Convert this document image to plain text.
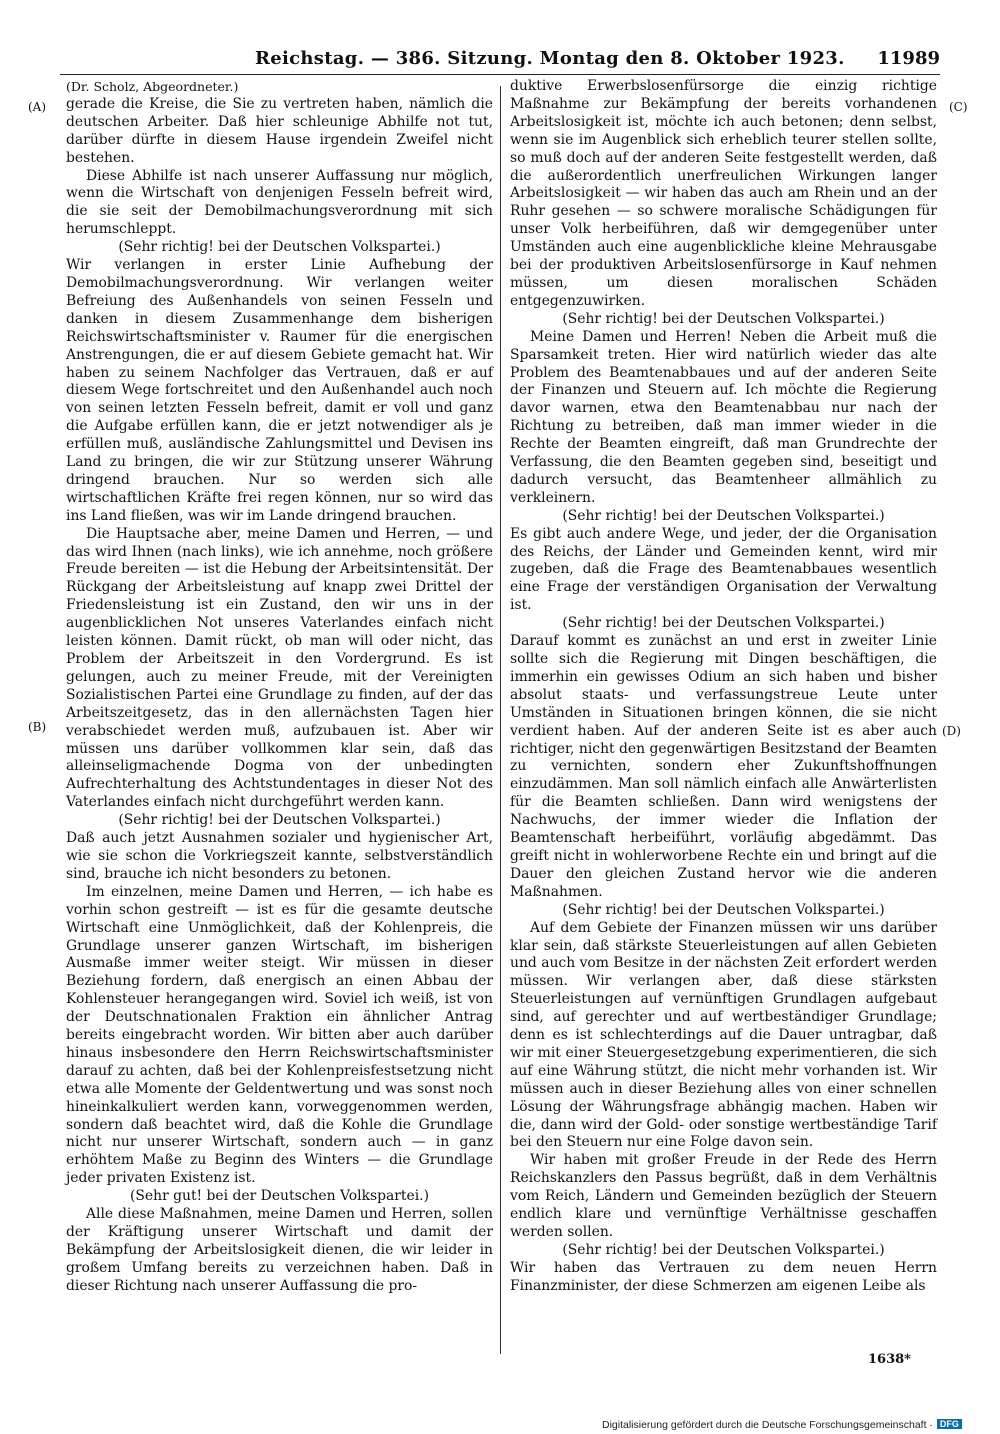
Reichstag. — 386. Sitzung. Montag den 8. Oktober 1923. 11989
(A)
(B)
(C)
(D)

(Dr. Scholz, Abgeordneter.)

gerade die Kreise, die Sie zu vertreten haben, nämlich die deutschen Arbeiter. Daß hier schleunige Abhilfe not tut, darüber dürfte in diesem Hause irgendein Zweifel nicht bestehen.

Diese Abhilfe ist nach unserer Auffassung nur möglich, wenn die Wirtschaft von denjenigen Fesseln befreit wird, die sie seit der Demobilmachungsverordnung mit sich herumschleppt.

(Sehr richtig! bei der Deutschen Volkspartei.)

Wir verlangen in erster Linie Aufhebung der Demobilmachungsverordnung. Wir verlangen weiter Befreiung des Außenhandels von seinen Fesseln und danken in diesem Zusammenhange dem bisherigen Reichswirtschaftsminister v. Raumer für die energischen Anstrengungen, die er auf diesem Gebiete gemacht hat. Wir haben zu seinem Nachfolger das Vertrauen, daß er auf diesem Wege fortschreitet und den Außenhandel auch noch von seinen letzten Fesseln befreit, damit er voll und ganz die Aufgabe erfüllen kann, die er jetzt notwendiger als je erfüllen muß, ausländische Zahlungsmittel und Devisen ins Land zu bringen, die wir zur Stützung unserer Währung dringend brauchen. Nur so werden sich alle wirtschaftlichen Kräfte frei regen können, nur so wird das ins Land fließen, was wir im Lande dringend brauchen.

Die Hauptsache aber, meine Damen und Herren, — und das wird Ihnen (nach links), wie ich annehme, noch größere Freude bereiten — ist die Hebung der Arbeitsintensität. Der Rückgang der Arbeitsleistung auf knapp zwei Drittel der Friedensleistung ist ein Zustand, den wir uns in der augenblicklichen Not unseres Vaterlandes einfach nicht leisten können. Damit rückt, ob man will oder nicht, das Problem der Arbeitszeit in den Vordergrund. Es ist gelungen, auch zu meiner Freude, mit der Vereinigten Sozialistischen Partei eine Grundlage zu finden, auf der das Arbeitszeitgesetz, das in den allernächsten Tagen hier verabschiedet werden muß, aufzubauen ist. Aber wir müssen uns darüber vollkommen klar sein, daß das alleinseligmachende Dogma von der unbedingten Aufrechterhaltung des Achtstundentages in dieser Not des Vaterlandes einfach nicht durchgeführt werden kann.

(Sehr richtig! bei der Deutschen Volkspartei.)

Daß auch jetzt Ausnahmen sozialer und hygienischer Art, wie sie schon die Vorkriegszeit kannte, selbstverständlich sind, brauche ich nicht besonders zu betonen.

Im einzelnen, meine Damen und Herren, — ich habe es vorhin schon gestreift — ist es für die gesamte deutsche Wirtschaft eine Unmöglichkeit, daß der Kohlenpreis, die Grundlage unserer ganzen Wirtschaft, im bisherigen Ausmaße immer weiter steigt. Wir müssen in dieser Beziehung fordern, daß energisch an einen Abbau der Kohlensteuer herangegangen wird. Soviel ich weiß, ist von der Deutschnationalen Fraktion ein ähnlicher Antrag bereits eingebracht worden. Wir bitten aber auch darüber hinaus insbesondere den Herrn Reichswirtschaftsminister darauf zu achten, daß bei der Kohlenpreisfestsetzung nicht etwa alle Momente der Geldentwertung und was sonst noch hineinkalkuliert werden kann, vorweggenommen werden, sondern daß beachtet wird, daß die Kohle die Grundlage nicht nur unserer Wirtschaft, sondern auch — in ganz erhöhtem Maße zu Beginn des Winters — die Grundlage jeder privaten Existenz ist.

(Sehr gut! bei der Deutschen Volkspartei.)

Alle diese Maßnahmen, meine Damen und Herren, sollen der Kräftigung unserer Wirtschaft und damit der Bekämpfung der Arbeitslosigkeit dienen, die wir leider in großem Umfang bereits zu verzeichnen haben. Daß in dieser Richtung nach unserer Auffassung die pro-

duktive Erwerbslosenfürsorge die einzig richtige Maßnahme zur Bekämpfung der bereits vorhandenen Arbeitslosigkeit ist, möchte ich auch betonen; denn selbst, wenn sie im Augenblick sich erheblich teurer stellen sollte, so muß doch auf der anderen Seite festgestellt werden, daß die außerordentlich unerfreulichen Wirkungen langer Arbeitslosigkeit — wir haben das auch am Rhein und an der Ruhr gesehen — so schwere moralische Schädigungen für unser Volk herbeiführen, daß wir demgegenüber unter Umständen auch eine augenblickliche kleine Mehrausgabe bei der produktiven Arbeitslosenfürsorge in Kauf nehmen müssen, um diesen moralischen Schäden entgegenzuwirken.

(Sehr richtig! bei der Deutschen Volkspartei.)

Meine Damen und Herren! Neben die Arbeit muß die Sparsamkeit treten. Hier wird natürlich wieder das alte Problem des Beamtenabbaues und auf der anderen Seite der Finanzen und Steuern auf. Ich möchte die Regierung davor warnen, etwa den Beamtenabbau nur nach der Richtung zu betreiben, daß man immer wieder in die Rechte der Beamten eingreift, daß man Grundrechte der Verfassung, die den Beamten gegeben sind, beseitigt und dadurch versucht, das Beamtenheer allmählich zu verkleinern.

(Sehr richtig! bei der Deutschen Volkspartei.)

Es gibt auch andere Wege, und jeder, der die Organisation des Reichs, der Länder und Gemeinden kennt, wird mir zugeben, daß die Frage des Beamtenabbaues wesentlich eine Frage der verständigen Organisation der Verwaltung ist.

(Sehr richtig! bei der Deutschen Volkspartei.)

Darauf kommt es zunächst an und erst in zweiter Linie sollte sich die Regierung mit Dingen beschäftigen, die immerhin ein gewisses Odium an sich haben und bisher absolut staats- und verfassungstreue Leute unter Umständen in Situationen bringen können, die sie nicht verdient haben. Auf der anderen Seite ist es aber auch richtiger, nicht den gegenwärtigen Besitzstand der Beamten zu vernichten, sondern eher Zukunftshoffnungen einzudämmen. Man soll nämlich einfach alle Anwärterlisten für die Beamten schließen. Dann wird wenigstens der Nachwuchs, der immer wieder die Inflation der Beamtenschaft herbeiführt, vorläufig abgedämmt. Das greift nicht in wohlerworbene Rechte ein und bringt auf die Dauer den gleichen Zustand hervor wie die anderen Maßnahmen.

(Sehr richtig! bei der Deutschen Volkspartei.)

Auf dem Gebiete der Finanzen müssen wir uns darüber klar sein, daß stärkste Steuerleistungen auf allen Gebieten und auch vom Besitze in der nächsten Zeit erfordert werden müssen. Wir verlangen aber, daß diese stärksten Steuerleistungen auf vernünftigen Grundlagen aufgebaut sind, auf gerechter und auf wertbeständiger Grundlage; denn es ist schlechterdings auf die Dauer untragbar, daß wir mit einer Steuergesetzgebung experimentieren, die sich auf eine Währung stützt, die nicht mehr vorhanden ist. Wir müssen auch in dieser Beziehung alles von einer schnellen Lösung der Währungsfrage abhängig machen. Haben wir die, dann wird der Gold- oder sonstige wertbeständige Tarif bei den Steuern nur eine Folge davon sein.

Wir haben mit großer Freude in der Rede des Herrn Reichskanzlers den Passus begrüßt, daß in dem Verhältnis vom Reich, Ländern und Gemeinden bezüglich der Steuern endlich klare und vernünftige Verhältnisse geschaffen werden sollen.

(Sehr richtig! bei der Deutschen Volkspartei.)

Wir haben das Vertrauen zu dem neuen Herrn Finanzminister, der diese Schmerzen am eigenen Leibe als

1638*
Digitalisierung gefördert durch die Deutsche Forschungsgemeinschaft · DFG
